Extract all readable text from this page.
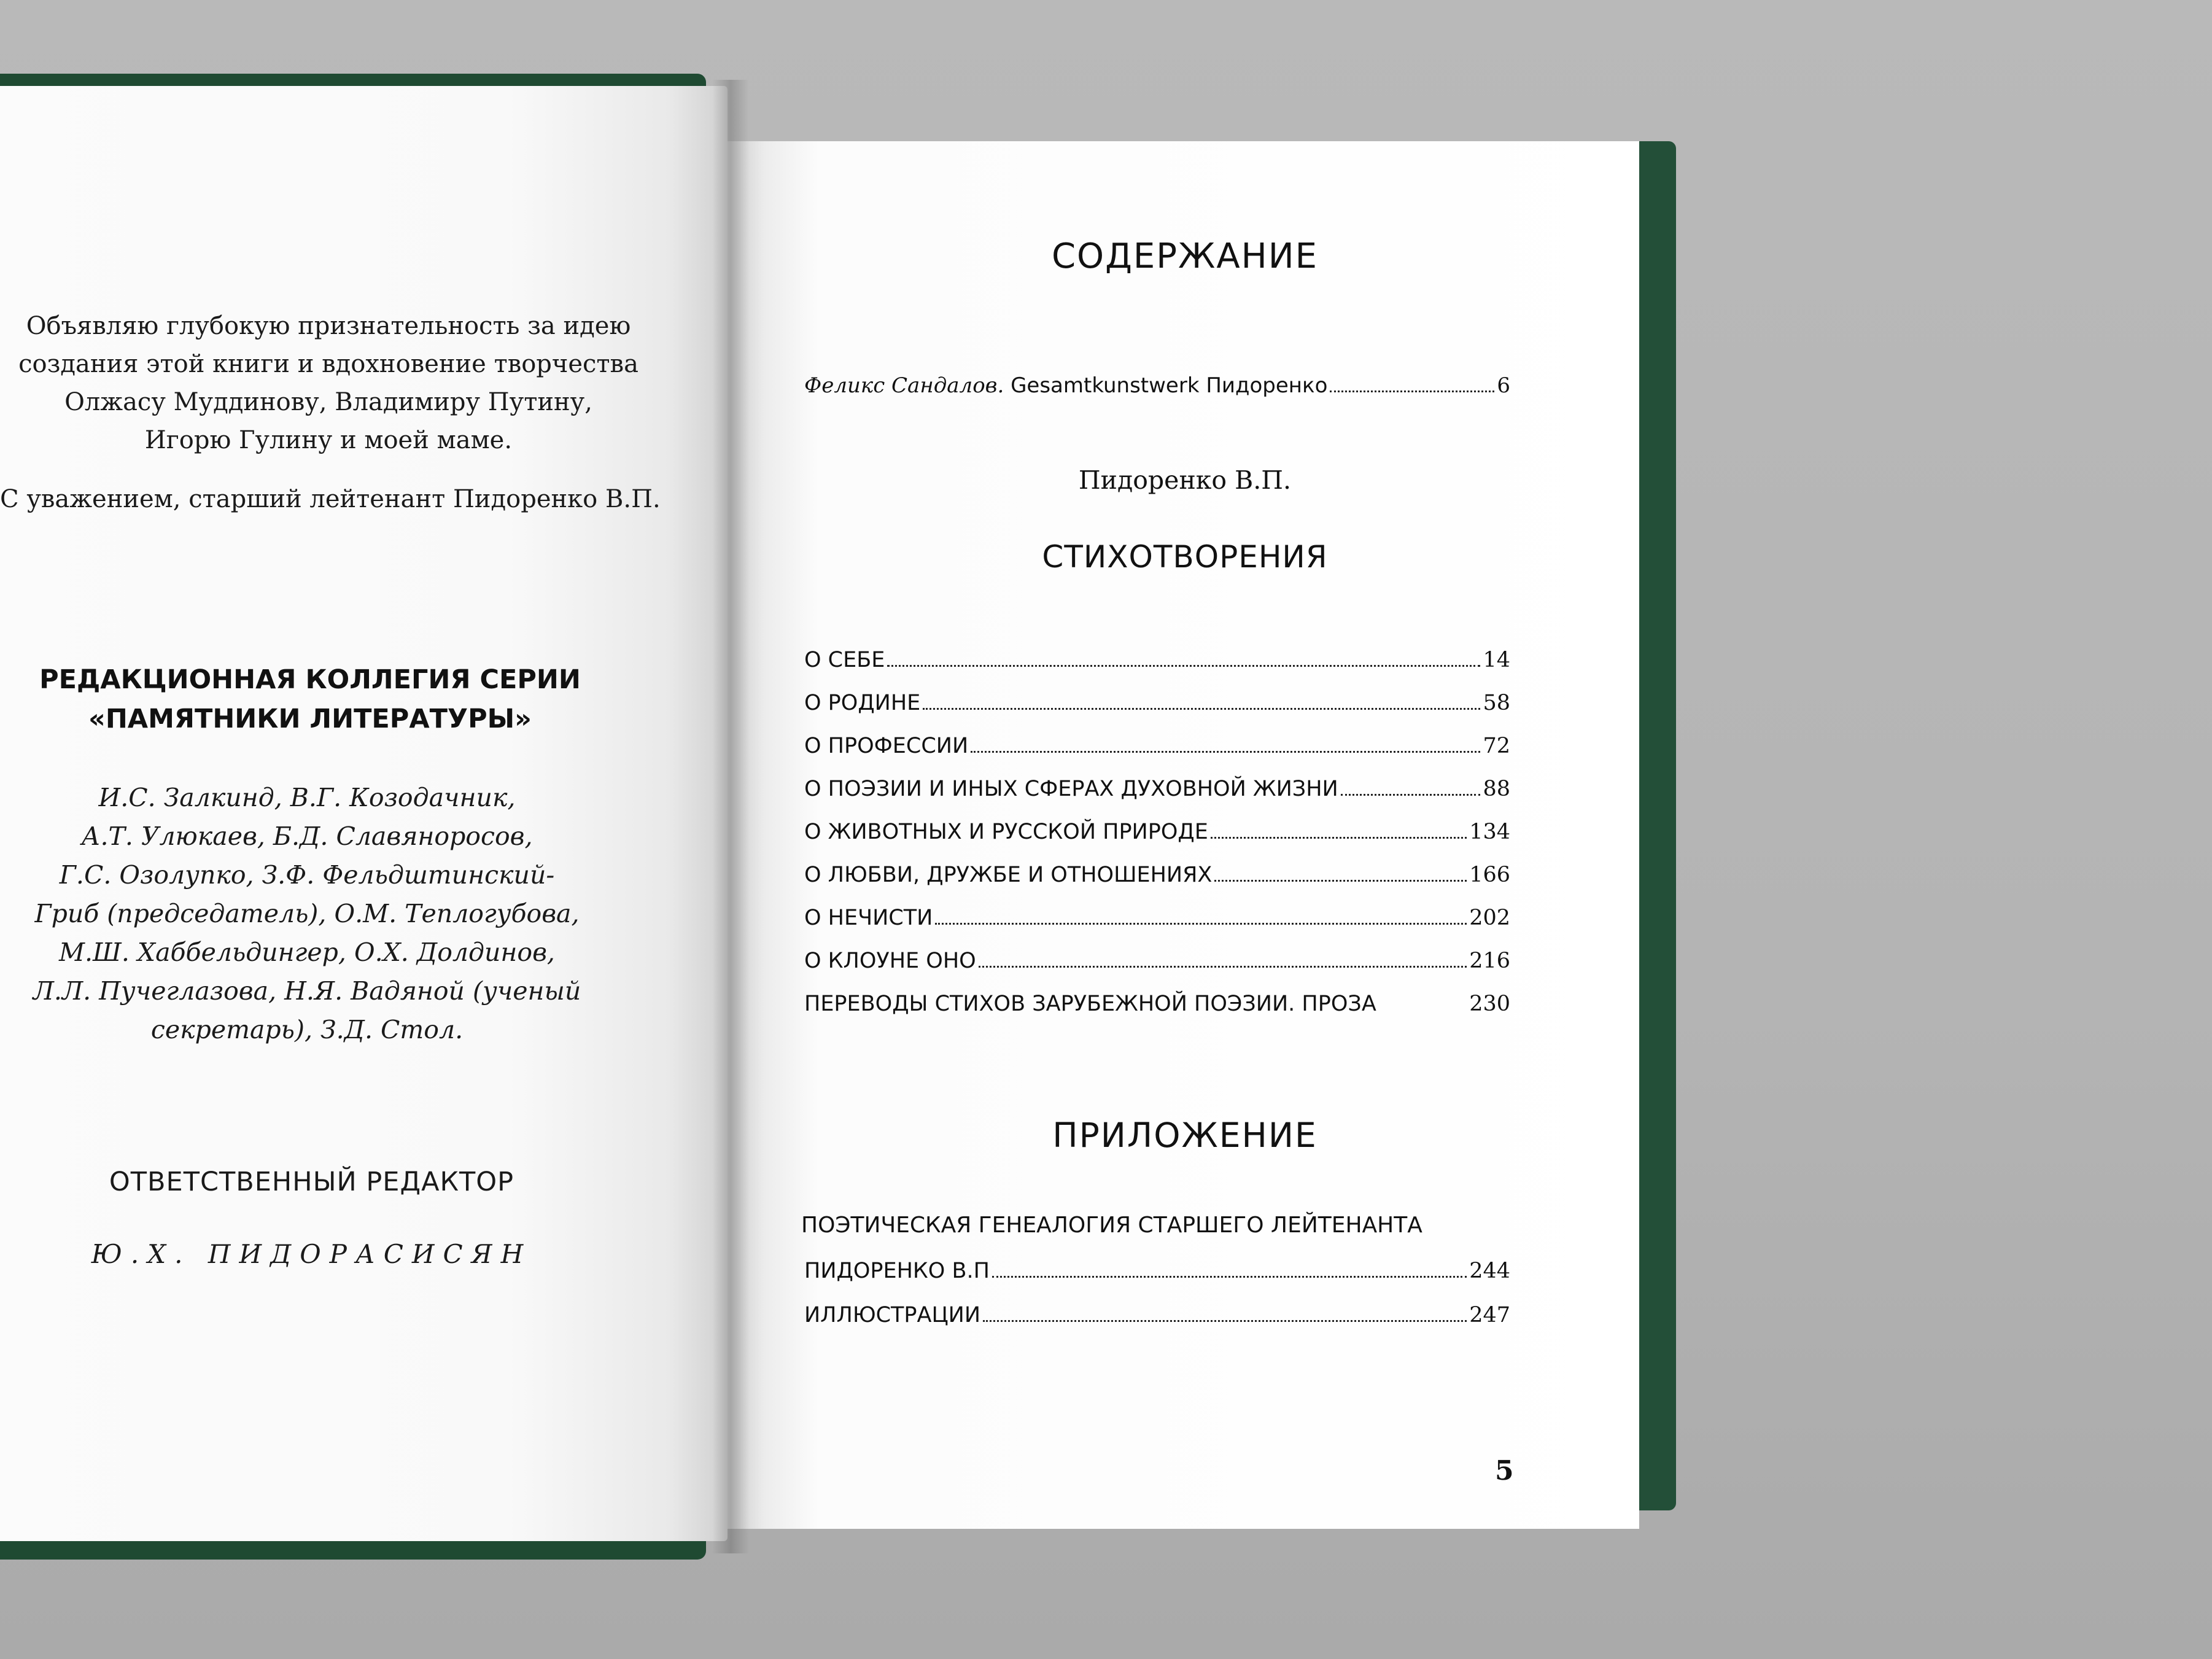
Объявляю глубокую признательность за идею
создания этой книги и вдохновение творчества
Олжасу Муддинову, Владимиру Путину,
Игорю Гулину и моей маме.
С уважением, старший лейтенант Пидоренко В.П.
РЕДАКЦИОННАЯ КОЛЛЕГИЯ СЕРИИ
«ПАМЯТНИКИ ЛИТЕРАТУРЫ»
И.С. Залкинд, В.Г. Козодачник,
А.Т. Улюкаев, Б.Д. Славяноросов,
Г.С. Озолупко, З.Ф. Фельдштинский-
Гриб (председатель), О.М. Теплогубова,
М.Ш. Хаббельдингер, О.Х. Долдинов,
Л.Л. Пучеглазова, Н.Я. Вадяной (ученый
секретарь), З.Д. Стол.
ОТВЕТСТВЕННЫЙ РЕДАКТОР
Ю.Х. ПИДОРАСИСЯН
СОДЕРЖАНИЕ
Феликс Сандалов. Gesamtkunstwerk Пидоренко	6
Пидоренко В.П.
СТИХОТВОРЕНИЯ
О СЕБЕ	14
О РОДИНЕ	58
О ПРОФЕССИИ	72
О ПОЭЗИИ И ИНЫХ СФЕРАХ ДУХОВНОЙ ЖИЗНИ	88
О ЖИВОТНЫХ И РУССКОЙ ПРИРОДЕ	134
О ЛЮБВИ, ДРУЖБЕ И ОТНОШЕНИЯХ	166
О НЕЧИСТИ	202
О КЛОУНЕ ОНО	216
ПЕРЕВОДЫ СТИХОВ ЗАРУБЕЖНОЙ ПОЭЗИИ. ПРОЗА	230
ПРИЛОЖЕНИЕ
ПОЭТИЧЕСКАЯ ГЕНЕАЛОГИЯ СТАРШЕГО ЛЕЙТЕНАНТА
ПИДОРЕНКО В.П	244
ИЛЛЮСТРАЦИИ	247
5
